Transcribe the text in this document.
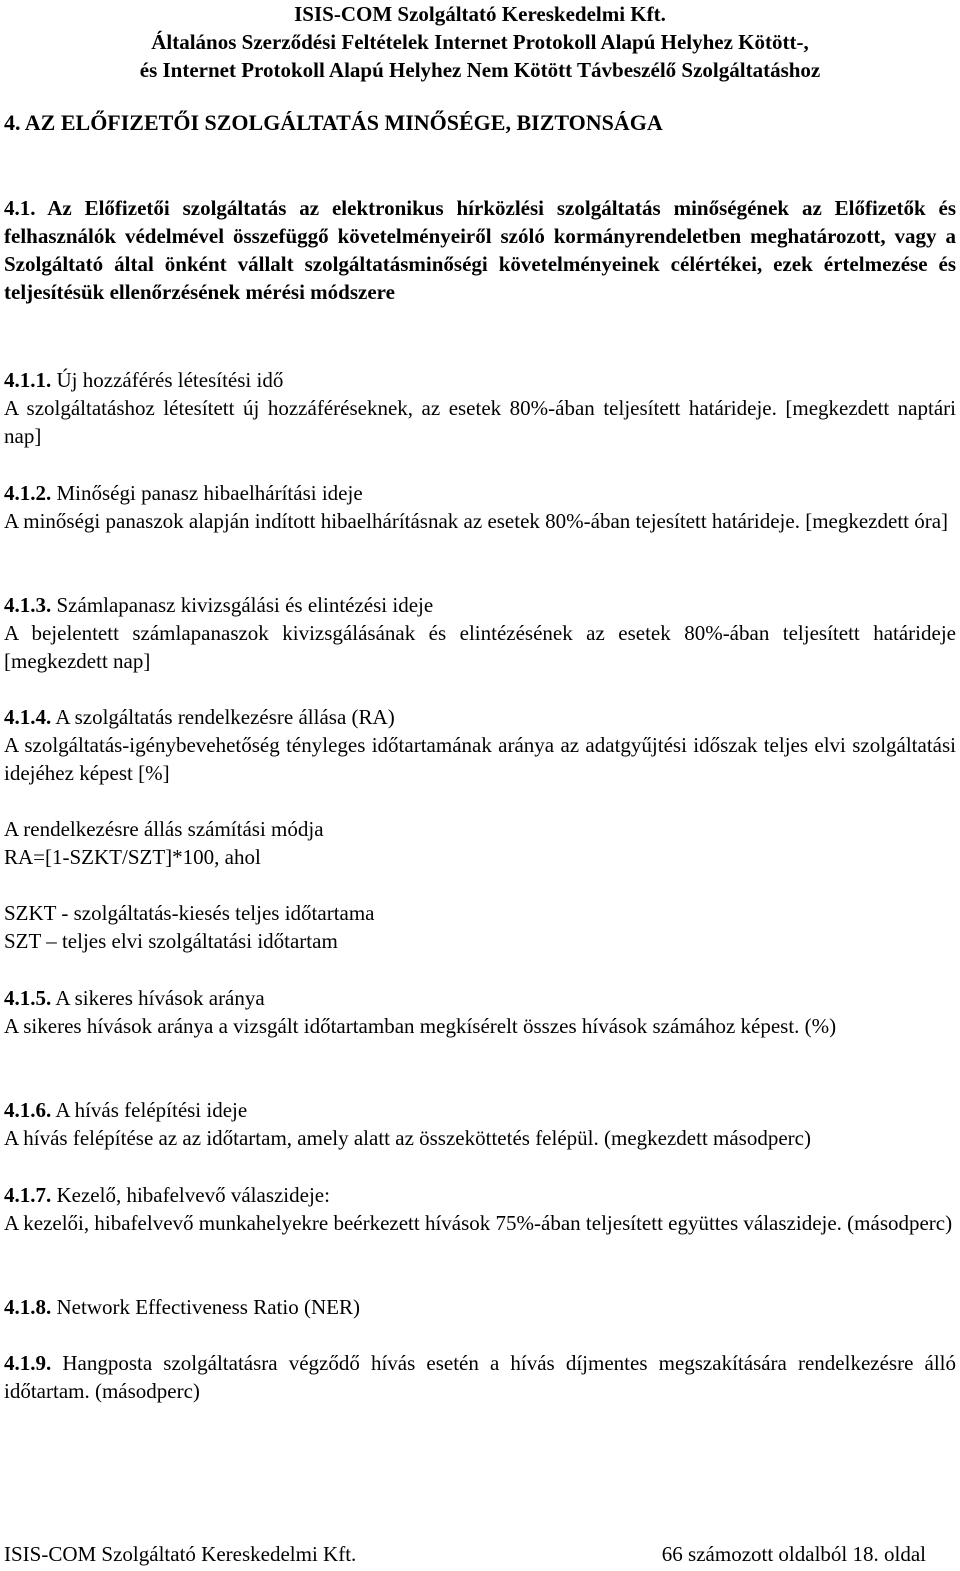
ISIS-COM Szolgáltató Kereskedelmi Kft.
Általános Szerződési Feltételek Internet Protokoll Alapú Helyhez Kötött-,
és Internet Protokoll Alapú Helyhez Nem Kötött Távbeszélő Szolgáltatáshoz
4. AZ ELŐFIZETŐI SZOLGÁLTATÁS MINŐSÉGE, BIZTONSÁGA
4.1. Az Előfizetői szolgáltatás az elektronikus hírközlési szolgáltatás minőségének az Előfizetők és felhasználók védelmével összefüggő követelményeiről szóló kormányrendeletben meghatározott, vagy a Szolgáltató által önként vállalt szolgáltatásminőségi követelményeinek célértékei, ezek értelmezése és teljesítésük ellenőrzésének mérési módszere
4.1.1. Új hozzáférés létesítési idő
A szolgáltatáshoz létesített új hozzáféréseknek, az esetek 80%-ában teljesített határideje. [megkezdett naptári nap]
4.1.2. Minőségi panasz hibaelhárítási ideje
A minőségi panaszok alapján indított hibaelhárításnak az esetek 80%-ában tejesített határideje. [megkezdett óra]
4.1.3. Számlapanasz kivizsgálási és elintézési ideje
A bejelentett számlapanaszok kivizsgálásának és elintézésének az esetek 80%-ában teljesített határideje [megkezdett nap]
4.1.4. A szolgáltatás rendelkezésre állása (RA)
A szolgáltatás-igénybevehetőség tényleges időtartamának aránya az adatgyűjtési időszak teljes elvi szolgáltatási idejéhez képest [%]
A rendelkezésre állás számítási módja
RA=[1-SZKT/SZT]*100, ahol
SZKT - szolgáltatás-kiesés teljes időtartama
SZT – teljes elvi szolgáltatási időtartam
4.1.5. A sikeres hívások aránya
A sikeres hívások aránya a vizsgált időtartamban megkísérelt összes hívások számához képest. (%)
4.1.6. A hívás felépítési ideje
A hívás felépítése az az időtartam, amely alatt az összeköttetés felépül. (megkezdett másodperc)
4.1.7. Kezelő, hibafelvevő válaszideje:
A kezelői, hibafelvevő munkahelyekre beérkezett hívások 75%-ában teljesített együttes válaszideje. (másodperc)
4.1.8. Network Effectiveness Ratio (NER)
4.1.9. Hangposta szolgáltatásra végződő hívás esetén a hívás díjmentes megszakítására rendelkezésre álló időtartam. (másodperc)
ISIS-COM Szolgáltató Kereskedelmi Kft.	66 számozott oldalból 18. oldal
